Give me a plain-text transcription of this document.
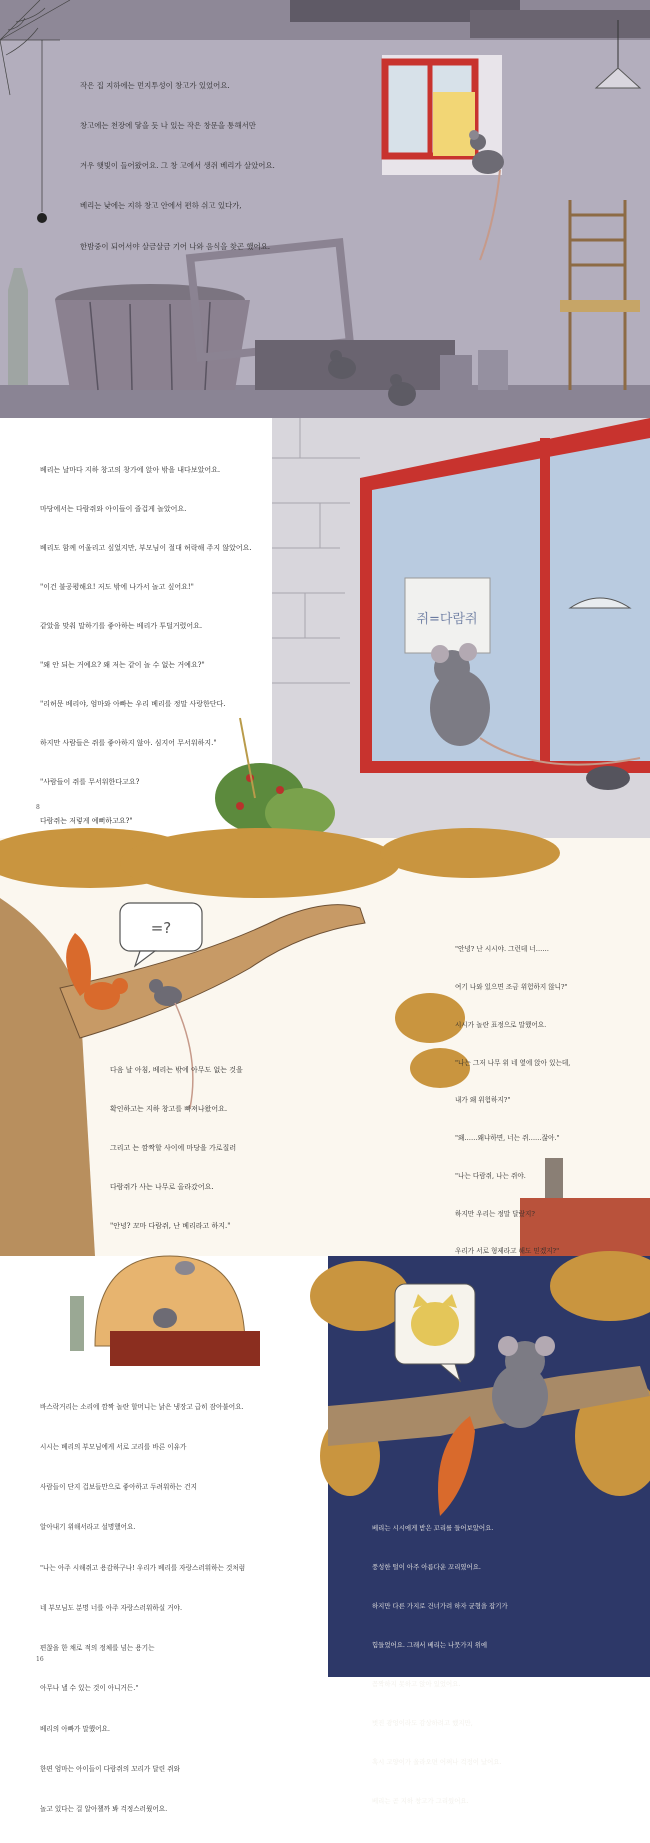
작은 집 지하에는 먼지투성이 창고가 있었어요.

창고에는 천장에 닿을 듯 나 있는 작은 창문을 통해서만

겨우 햇빛이 들어왔어요. 그 창 고에서 생쥐 베리가 살았어요.

베리는 낮에는 지하 창고 안에서 편하 쉬고 있다가,

한밤중이 되어서야 살금살금 기어 나와 음식을 찾곤 했어요.

쥐=다람쥐

베리는 날마다 지하 창고의 창가에 앉아 밖을 내다보았어요.

마당에서는 다람쥐와 아이들이 즐겁게 놀았어요.

베리도 함께 어울리고 싶었지만, 부모님이 절대 허락해 주지 않았어요.

"이건 불공평해요! 저도 밖에 나가서 놀고 싶어요!"

같았을 맞춰 말하기를 좋아하는 베리가 투덜거렸어요.

"왜 안 되는 거예요? 왜 저는 같이 놀 수 없는 거예요?"

"리허문 베리야, 엄마와 아빠는 우리 베리를 정말 사랑한단다.

하지만 사람들은 쥐를 좋아하지 않아. 심지어 무서워하지."

"사람들이 쥐를 무서워한다고요?

다람쥐는 저렇게 예뻐하고요?"

8
=?

다음 날 아침, 베리는 밖에 아무도 없는 것을

확인하고는 지하 창고를 빠져나왔어요.

그리고 는 깜짝할 사이에 마당을 가로질러

다람쥐가 사는 나무로 올라갔어요.

"안녕? 꼬마 다람쥐, 난 베리라고 하지."

"안녕? 난 시시야. 그런데 너……

여기 나와 있으면 조금 위험하지 않니?"

시시가 놀란 표정으로 말했어요.

"나는 그저 나무 위 네 옆에 앉아 있는데,

내가 왜 위험하지?"

"왜……왜냐하면, 너는 쥐……잖아."

"나는 다람쥐, 나는 쥐야.

하지만 우리는 정말 달랐지?

우리가 서로 형제라고 해도 믿겠지?"

바스락거리는 소리에 깜짝 놀란 할머니는 낡은 냉장고 급히 잠아불어요.

시시는 베리의 부모님에게 서로 고리를 바른 이유가

사람들이 단지 겁보들만으로 좋아하고 두려워하는 건지

알아내기 위해서라고 설명했어요.

"나는 아주 시해쥐고 용감하구나! 우리가 베리를 자랑스러워하는 것처럼

네 부모님도 분명 너를 아주 자랑스러워하실 거야.

편찮을 한 채로 적의 정체를 넘는 용기는

아무나 낼 수 있는 것이 아니거든."

베리의 아빠가 말했어요.

한편 엄마는 아이들이 다람쥐의 꼬리가 달린 쥐와

놀고 있다는 걸 알아챌까 봐 걱정스러웠어요.

베리는 시시에게 받은 꼬리를 들어보았어요.

풍성한 털이 아주 아름다운 꼬리였어요.

하지만 다른 가지로 건너가려 하자 균형을 잡기가

힘들었어요. 그래서 베리는 나뭇가지 위에

꼼짝하지 못하고 앉아 있었어요.

벗진 광엉이라도 감상하려고 했지만,

혹시 고양이가 올라오면 어쩌나 걱정이 났어요.

베리는 곧 지하 창고가 그리웠어요.

16
